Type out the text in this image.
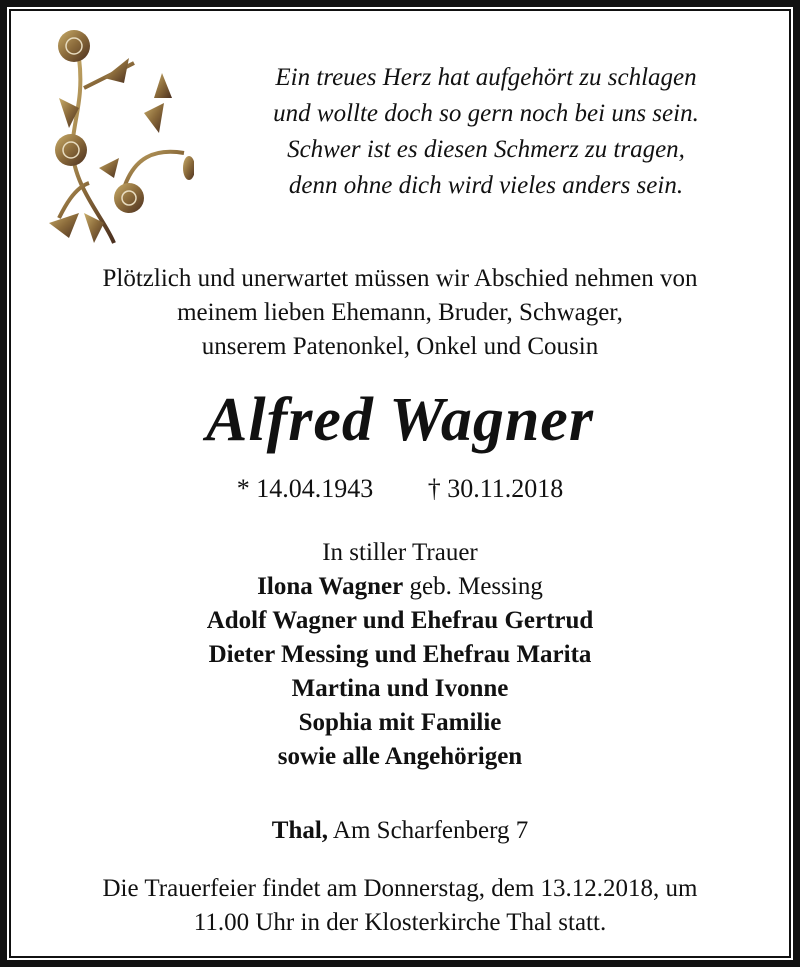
Ein treues Herz hat aufgehört zu schlagen
und wollte doch so gern noch bei uns sein.
Schwer ist es diesen Schmerz zu tragen,
denn ohne dich wird vieles anders sein.
Plötzlich und unerwartet müssen wir Abschied nehmen von
meinem lieben Ehemann, Bruder, Schwager,
unserem Patenonkel, Onkel und Cousin
Alfred Wagner
* 14.04.1943 † 30.11.2018
In stiller Trauer
Ilona Wagner geb. Messing
Adolf Wagner und Ehefrau Gertrud
Dieter Messing und Ehefrau Marita
Martina und Ivonne
Sophia mit Familie
sowie alle Angehörigen
Thal, Am Scharfenberg 7
Die Trauerfeier findet am Donnerstag, dem 13.12.2018, um
11.00 Uhr in der Klosterkirche Thal statt.
